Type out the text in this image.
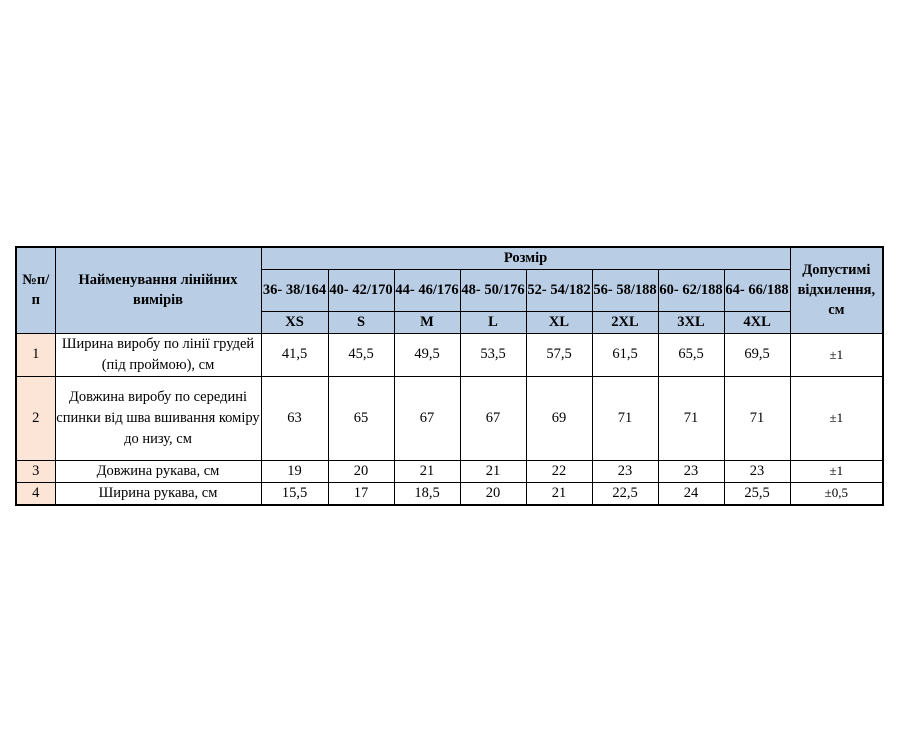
№п/ п	Найменування лінійних вимірів	Розмір								Допустимі відхилення, см
		36- 38/164	40- 42/170	44- 46/176	48- 50/176	52- 54/182	56- 58/188	60- 62/188	64- 66/188	
		XS	S	M	L	XL	2XL	3XL	4XL	
1	Ширина виробу по лінії грудей (під проймою), см	41,5	45,5	49,5	53,5	57,5	61,5	65,5	69,5	±1
2	Довжина виробу по середині спинки від шва вшивання коміру до низу, см	63	65	67	67	69	71	71	71	±1
3	Довжина рукава, см	19	20	21	21	22	23	23	23	±1
4	Ширина рукава, см	15,5	17	18,5	20	21	22,5	24	25,5	±0,5
